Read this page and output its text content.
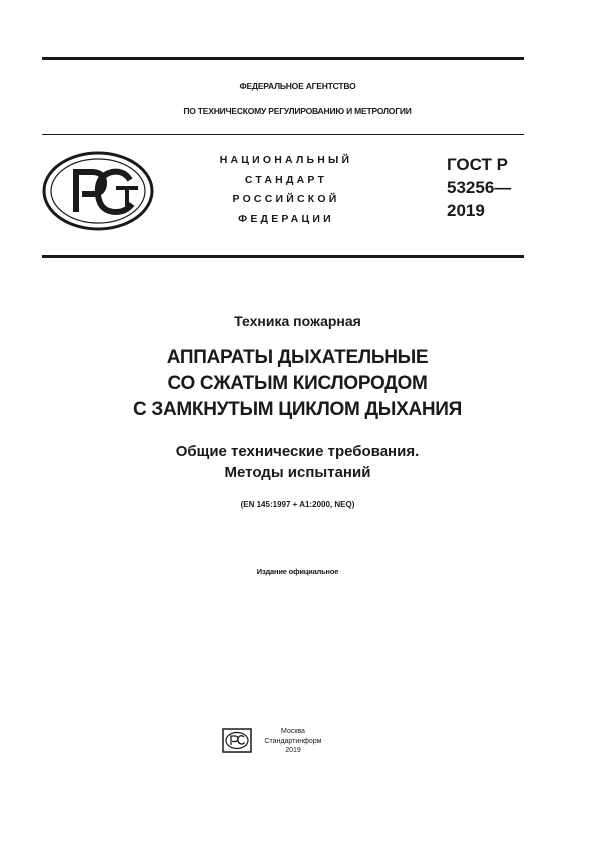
ФЕДЕРАЛЬНОЕ АГЕНТСТВО
ПО ТЕХНИЧЕСКОМУ РЕГУЛИРОВАНИЮ И МЕТРОЛОГИИ
НАЦИОНАЛЬНЫЙ
СТАНДАРТ
РОССИЙСКОЙ
ФЕДЕРАЦИИ
ГОСТ Р
53256—
2019
Техника пожарная
АППАРАТЫ ДЫХАТЕЛЬНЫЕ
СО СЖАТЫМ КИСЛОРОДОМ
С ЗАМКНУТЫМ ЦИКЛОМ ДЫХАНИЯ
Общие технические требования.
Методы испытаний
(EN 145:1997 + A1:2000, NEQ)
Издание официальное
Москва
Стандартинформ
2019
